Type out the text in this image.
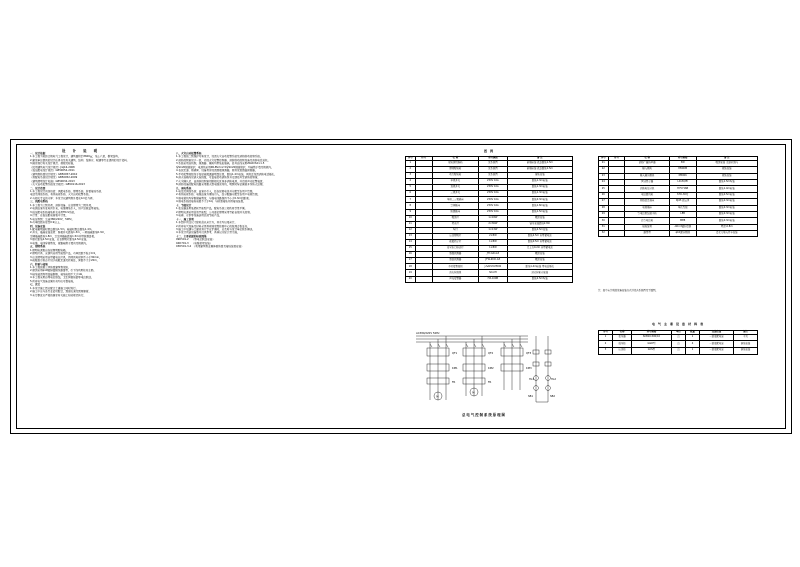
设 计 说 明
一、设计依据
1.本工程为某综合楼电气工程设计，建筑面积约3600㎡，地上六层，框架结构。
2.建设单位提供的设计任务书及有关建筑、结构、给排水、暖通等专业提供的设计资料。
3.国家现行有关设计规范、规程及标准。
《民用建筑电气设计规范》JGJ16-2008
《低压配电设计规范》GB50054-2011
《建筑物防雷设计规范》GB50057-2010
《供配电系统设计规范》GB50052-2009
《建筑照明设计标准》GB50034-2013
《火灾自动报警系统设计规范》GB50116-2013
二、设计范围
1.本工程设计内容包括：供配电系统、照明系统、防雷接地系统、
电话及网络系统、有线电视系统、火灾自动报警系统。
2.与相关专业的分界：本设计以建筑物外墙皮1m处为界。
三、供配电系统
1.本工程为三级负荷，消防设备、应急照明为二级负荷。
2.电源由室外变电所引来，电缆埋地引入，进户处做重复接地。
3.低压配电系统接地形式采用TN-S系统。
4.计量：在低压配电室集中计量。
5.电压等级：交流380/220V，50Hz。
6.功率因数补偿至0.9以上。
四、设备安装
1.配电箱明装时底边距地1.5m，暗装时底边距地1.4m。
2.开关、插座安装高度：跷板开关距地1.3m，一般插座距地0.3m，
空调插座距地1.8m，卫生间插座距地1.5m并带防溅盖板。
3.壁灯距地2.5m安装，应急照明灯距地2.5m安装。
4.电缆、电线穿管敷设，管路暗敷于墙内及楼板内。
五、照明系统
1.照明电源取自各层照明配电箱。
2.照明灯具、光源均采用节能型产品，功率因数不低于0.9。
3.应急照明采用自带蓄电池灯具，持续供电时间不小于30min。
4.疏散指示标志灯设于疏散走道及转角处，间距不大于20m。
六、防雷与接地
1.本工程按第三类防雷建筑物设防。
2.屋顶采用φ10镀锌圆钢作避雷带，引下线利用柱内主筋。
3.接地装置利用基础钢筋，接地电阻不大于1Ω。
4.本工程采用总等电位联结，卫生间做局部等电位联结。
5.所有电气设备金属外壳均应可靠接地。
七、其它
1.本设计施工图应配合土建施工同时进行。
2.施工中应与各专业密切配合，预留孔洞及预埋套管。
3.未尽事宜应严格按国家有关施工验收规范执行。
八、火灾自动报警系统
1.本工程按二级保护对象设计，设置火灾自动报警系统及消防联动控制系统。
2.消防控制室设于一层，内设火灾报警控制器、消防联动控制设备及消防电话总机。
3.系统采用总线制，探测器、模块均带地址编码，信号总线采用ZR-RVS2×1.5
穿SC20钢管保护，电源线采用ZR-BV2×2.5穿SC20钢管保护，均暗敷于墙及楼板内。
4.各层走道、楼梯间、设备用房设置感烟探测器，厨房设置感温探测器。
5.手动报警按钮设于每层疏散通道明显位置，距地1.4m安装，其附近设置消防电话插孔。
6.消火栓箱内设消火栓按钮，可直接启动消防泵并反馈信号至消防控制室。
7.火灾确认后，由消防控制室切断相关区域非消防电源，并启动声光报警装置。
8.消防设备的配电线路采用耐火型电缆或导线，明敷时穿金属管并作防火处理。
九、弱电系统
1.电话及网络系统：由室外引入，经各层弱电竖井分配至各用户终端。
2.有线电视系统：电缆由室外埋地引入，经分配器分配至各用户电视终端。
3.弱电管线均穿钢管暗敷设，与强电线路保持不小于0.3m的距离。
4.弱电系统的接地电阻不大于1Ω，与防雷接地共用接地装置。
十、节能设计
1.变压器选用低损耗节能型产品，配电系统三相负荷尽量平衡。
2.照明光源采用高效节能型，公共部位照明采用节能自熄开关控制。
3.电梯、水泵等设备选用高效节能产品。
十一、施工说明
1.本图中所注尺寸除标高以米计外，其余均以毫米计。
2.所有电气设备及材料必须具有国家级检测中心的检测合格证书。
3.施工中如遇与土建或其它专业矛盾时，应及时与设计单位联系解决。
4.本设计所选设备型号仅供参考，具体以实际订货为准。
十二、主要依据的标准图集
99D501-2    《等电位联结安装》
04D701-3    《电缆桥架安装》
03D501-3-4  《利用建筑物金属体做防雷及接地装置安装》
图 例
序号	符号	名 称	型号规格	备 注
1		双电源切换箱	见系统图	嵌墙暗装 底边距地1.5m
2		照明配电箱	见系统图	嵌墙暗装 底边距地1.5m
3		动力配电箱	见系统图	落地安装
4		单极开关	250V 10A	距地1.3m暗装
5		双极开关	250V 10A	距地1.3m暗装
6		三极开关	250V 10A	距地1.3m暗装
7		单相二三极插座	250V 10A	距地0.3m暗装
8		空调插座	250V 16A	距地1.8m暗装
9		防溅插座	250V 10A	距地1.5m暗装
10		吸顶灯	1×18W	吸顶安装
11		荧光灯	2×36W	链吊安装距地2.8m
12		壁灯	1×13W	距地2.5m安装
13		应急照明灯	2×8W	距地2.5m 自带蓄电池
14		疏散指示灯	1×8W	距地0.5m 自带蓄电池
15		安全出口标志灯	1×8W	门上方0.2m 自带蓄电池
16		感烟探测器	JTY-GD-G3	吸顶安装
17		感温探测器	JTW-ZCD-G3	吸顶安装
18		手动报警按钮	J-SAP-M-M500	距地1.4m暗装 带电话插孔
19		消火栓按钮	SD-XH	消火栓箱内安装
20		声光报警器	HX-100B	距地2.5m壁装
序号	符号	名 称	型号规格	备 注
21		消防广播扬声器	3W	吸顶安装 走道吊顶内
22		输入模块	M500M	就地安装
23		输入输出模块	M500K	就地安装
24		区域显示器	LD-PU/EI	距地1.5m壁装
25		消防电话分机	HY5716B	距地1.4m暗装
26		电话组线箱	STO-30对	距地0.5m暗装
27		网络信息插座	RJ45 超五类	距地0.3m暗装
28		电视插座	单孔终端	距地0.3m暗装
29		等电位联结端子箱	LEB	距地0.3m暗装
30		总等电位箱	MEB	距地0.3m暗装
31		接地装置	-40×4镀锌扁钢	埋深-0.8m
32		避雷带	φ10镀锌圆钢	沿女儿墙支持卡安装
注：表中未注明的设备安装方式详见各系统图及平面图。
电 气 主 要 设 备 材 料 表
序号	名称	型号规格	单位	数量	安装位置	备注
1	变压器	SCB10-500/10	台	1	一层变配电室	干式
2	低压柜	GGD型	台	4	一层变配电室	落地安装
3	应急柜	GCS型	台	1	一层变配电室	落地安装
QF1	QF2	QF3
KM1	KM2	KM3
FR	FR
M
M
AC380/220V 50Hz
HL1	HL2
SB1	SB2
总电气控制系统原理图
